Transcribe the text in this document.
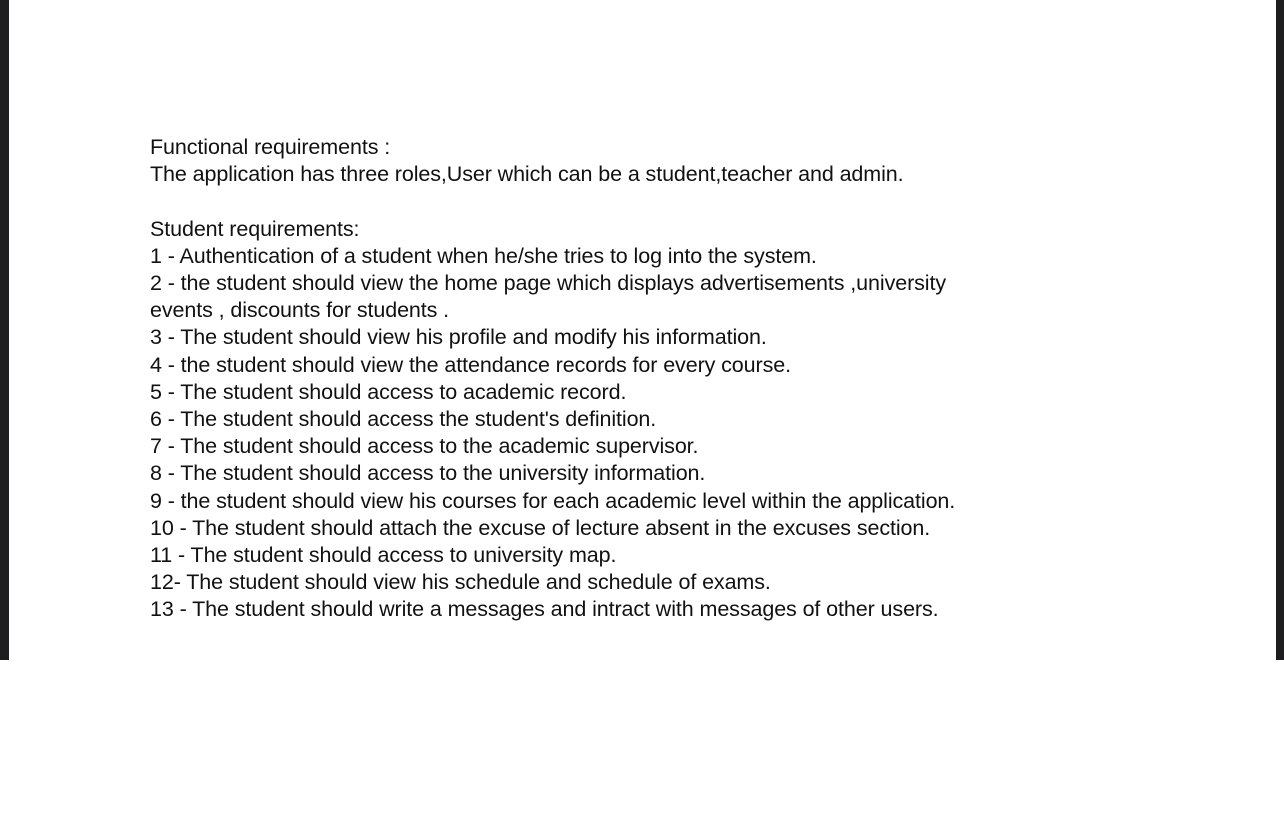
Functional requirements :
The application has three roles,User which can be a student,teacher and admin.
Student requirements:
1 - Authentication of a student when he/she tries to log into the system.
2 - the student should view the home page which displays advertisements ,university
events , discounts for students .
3 - The student should view his profile and modify his information.
4 - the student should view the attendance records for every course.
5 - The student should access to academic record.
6 - The student should access the student's definition.
7 - The student should access to the academic supervisor.
8 - The student should access to the university information.
9 - the student should view his courses for each academic level within the application.
10 - The student should attach the excuse of lecture absent in the excuses section.
11 - The student should access to university map.
12- The student should view his schedule and schedule of exams.
13 - The student should write a messages and intract with messages of other users.
